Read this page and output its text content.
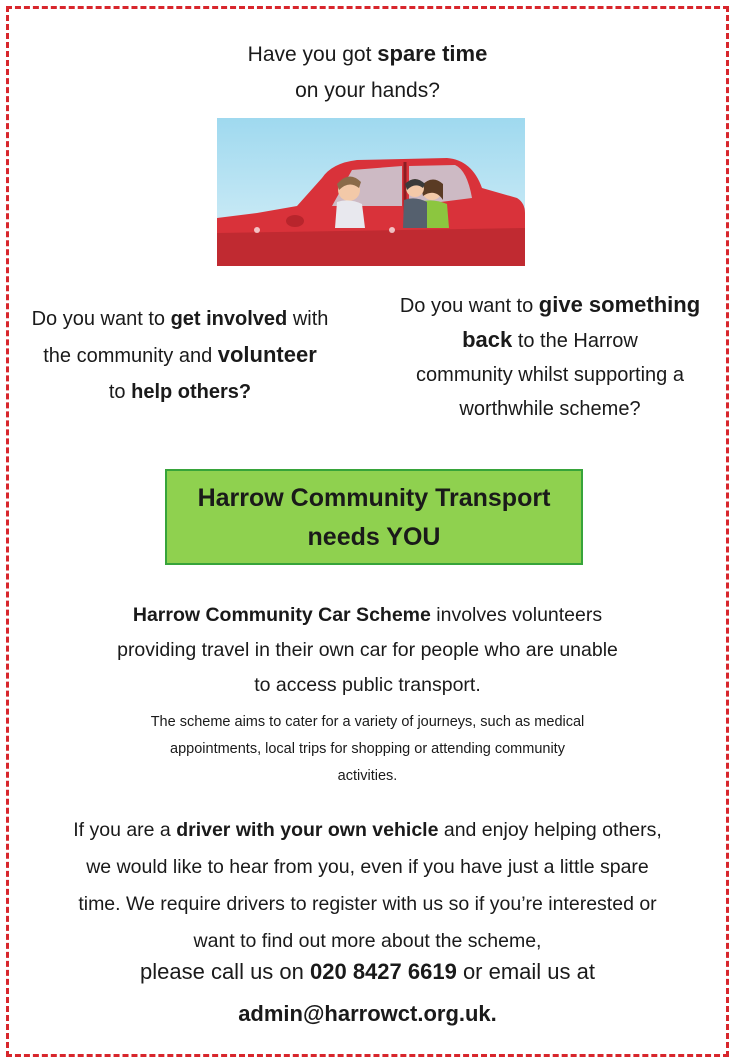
Have you got spare time
on your hands?
Do you want to get involved with
the community and volunteer
to help others?
Do you want to give something
back to the Harrow
community whilst supporting a
worthwhile scheme?
Harrow Community Transport
needs YOU
Harrow Community Car Scheme involves volunteers
providing travel in their own car for people who are unable
to access public transport.
The scheme aims to cater for a variety of journeys, such as medical
appointments, local trips for shopping or attending community
activities.
If you are a driver with your own vehicle and enjoy helping others,
we would like to hear from you, even if you have just a little spare
time. We require drivers to register with us so if you’re interested or
want to find out more about the scheme,
please call us on 020 8427 6619 or email us at
admin@harrowct.org.uk.
